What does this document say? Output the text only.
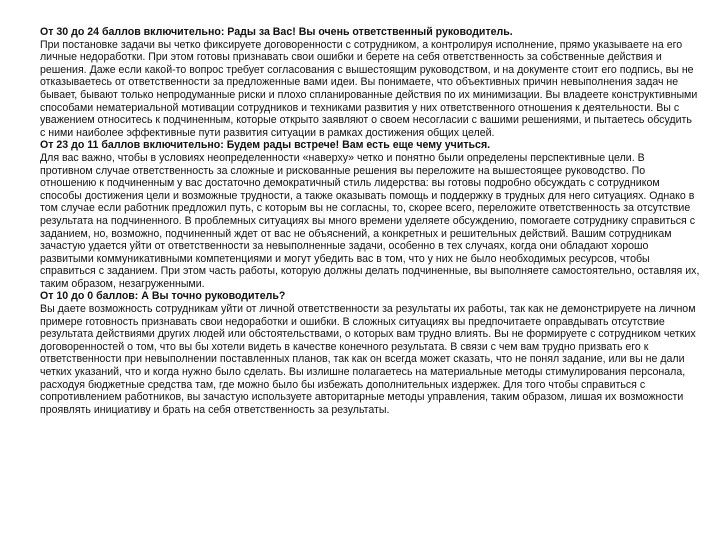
От 30 до 24 баллов включительно: Рады за Вас! Вы очень ответственный руководитель.

При постановке задачи вы четко фиксируете договоренности с сотрудником, а контролируя исполнение, прямо указываете на его личные недоработки. При этом готовы признавать свои ошибки и берете на себя ответственность за собственные действия и решения. Даже если какой-то вопрос требует согласования с вышестоящим руководством, и на документе стоит его подпись, вы не отказываетесь от ответственности за предложенные вами идеи. Вы понимаете, что объективных причин невыполнения задач не бывает, бывают только непродуманные риски и плохо спланированные действия по их минимизации. Вы владеете конструктивными способами нематериальной мотивации сотрудников и техниками развития у них ответственного отношения к деятельности. Вы с уважением относитесь к подчиненным, которые открыто заявляют о своем несогласии с вашими решениями, и пытаетесь обсудить с ними наиболее эффективные пути развития ситуации в рамках достижения общих целей.

От 23 до 11 баллов включительно: Будем рады встрече! Вам есть еще чему учиться.

Для вас важно, чтобы в условиях неопределенности «наверху» четко и понятно были определены перспективные цели. В противном случае ответственность за сложные и рискованные решения вы переложите на вышестоящее руководство. По отношению к подчиненным у вас достаточно демократичный стиль лидерства: вы готовы подробно обсуждать с сотрудником способы достижения цели и возможные трудности, а также оказывать помощь и поддержку в трудных для него ситуациях. Однако в том случае если работник предложил путь, с которым вы не согласны, то, скорее всего, переложите ответственность за отсутствие результата на подчиненного. В проблемных ситуациях вы много времени уделяете обсуждению, помогаете сотруднику справиться с заданием, но, возможно, подчиненный ждет от вас не объяснений, а конкретных и решительных действий. Вашим сотрудникам зачастую удается уйти от ответственности за невыполненные задачи, особенно в тех случаях, когда они обладают хорошо развитыми коммуникативными компетенциями и могут убедить вас в том, что у них не было необходимых ресурсов, чтобы справиться с заданием. При этом часть работы, которую должны делать подчиненные, вы выполняете самостоятельно, оставляя их, таким образом, незагруженными.

От 10 до 0 баллов: А Вы точно руководитель?

Вы даете возможность сотрудникам уйти от личной ответственности за результаты их работы, так как не демонстрируете на личном примере готовность признавать свои недоработки и ошибки. В сложных ситуациях вы предпочитаете оправдывать отсутствие результата действиями других людей или обстоятельствами, о которых вам трудно влиять. Вы не формируете с сотрудником четких договоренностей о том, что вы бы хотели видеть в качестве конечного результата. В связи с чем вам трудно призвать его к ответственности при невыполнении поставленных планов, так как он всегда может сказать, что не понял задание, или вы не дали четких указаний, что и когда нужно было сделать. Вы излишне полагаетесь на материальные методы стимулирования персонала, расходуя бюджетные средства там, где можно было бы избежать дополнительных издержек. Для того чтобы справиться с сопротивлением работников, вы зачастую используете авторитарные методы управления, таким образом, лишая их возможности проявлять инициативу и брать на себя ответственность за результаты.
